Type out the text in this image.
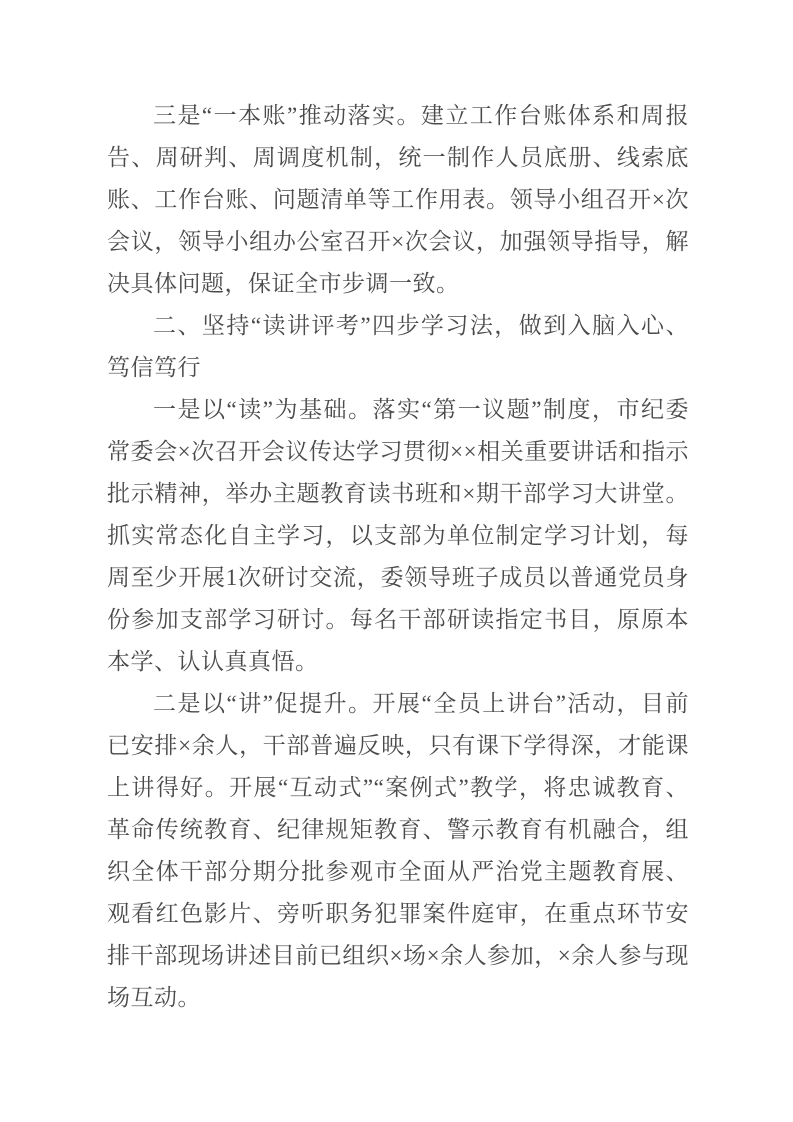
三是“一本账”推动落实。建立工作台账体系和周报告、周研判、周调度机制，统一制作人员底册、线索底账、工作台账、问题清单等工作用表。领导小组召开×次会议，领导小组办公室召开×次会议，加强领导指导，解决具体问题，保证全市步调一致。

二、坚持“读讲评考”四步学习法，做到入脑入心、笃信笃行

一是以“读”为基础。落实“第一议题”制度，市纪委常委会×次召开会议传达学习贯彻××相关重要讲话和指示批示精神，举办主题教育读书班和×期干部学习大讲堂。抓实常态化自主学习，以支部为单位制定学习计划，每周至少开展1次研讨交流，委领导班子成员以普通党员身份参加支部学习研讨。每名干部研读指定书目，原原本本学、认认真真悟。

二是以“讲”促提升。开展“全员上讲台”活动，目前已安排×余人，干部普遍反映，只有课下学得深，才能课上讲得好。开展“互动式”“案例式”教学，将忠诚教育、革命传统教育、纪律规矩教育、警示教育有机融合，组织全体干部分期分批参观市全面从严治党主题教育展、观看红色影片、旁听职务犯罪案件庭审，在重点环节安排干部现场讲述目前已组织×场×余人参加，×余人参与现场互动。
